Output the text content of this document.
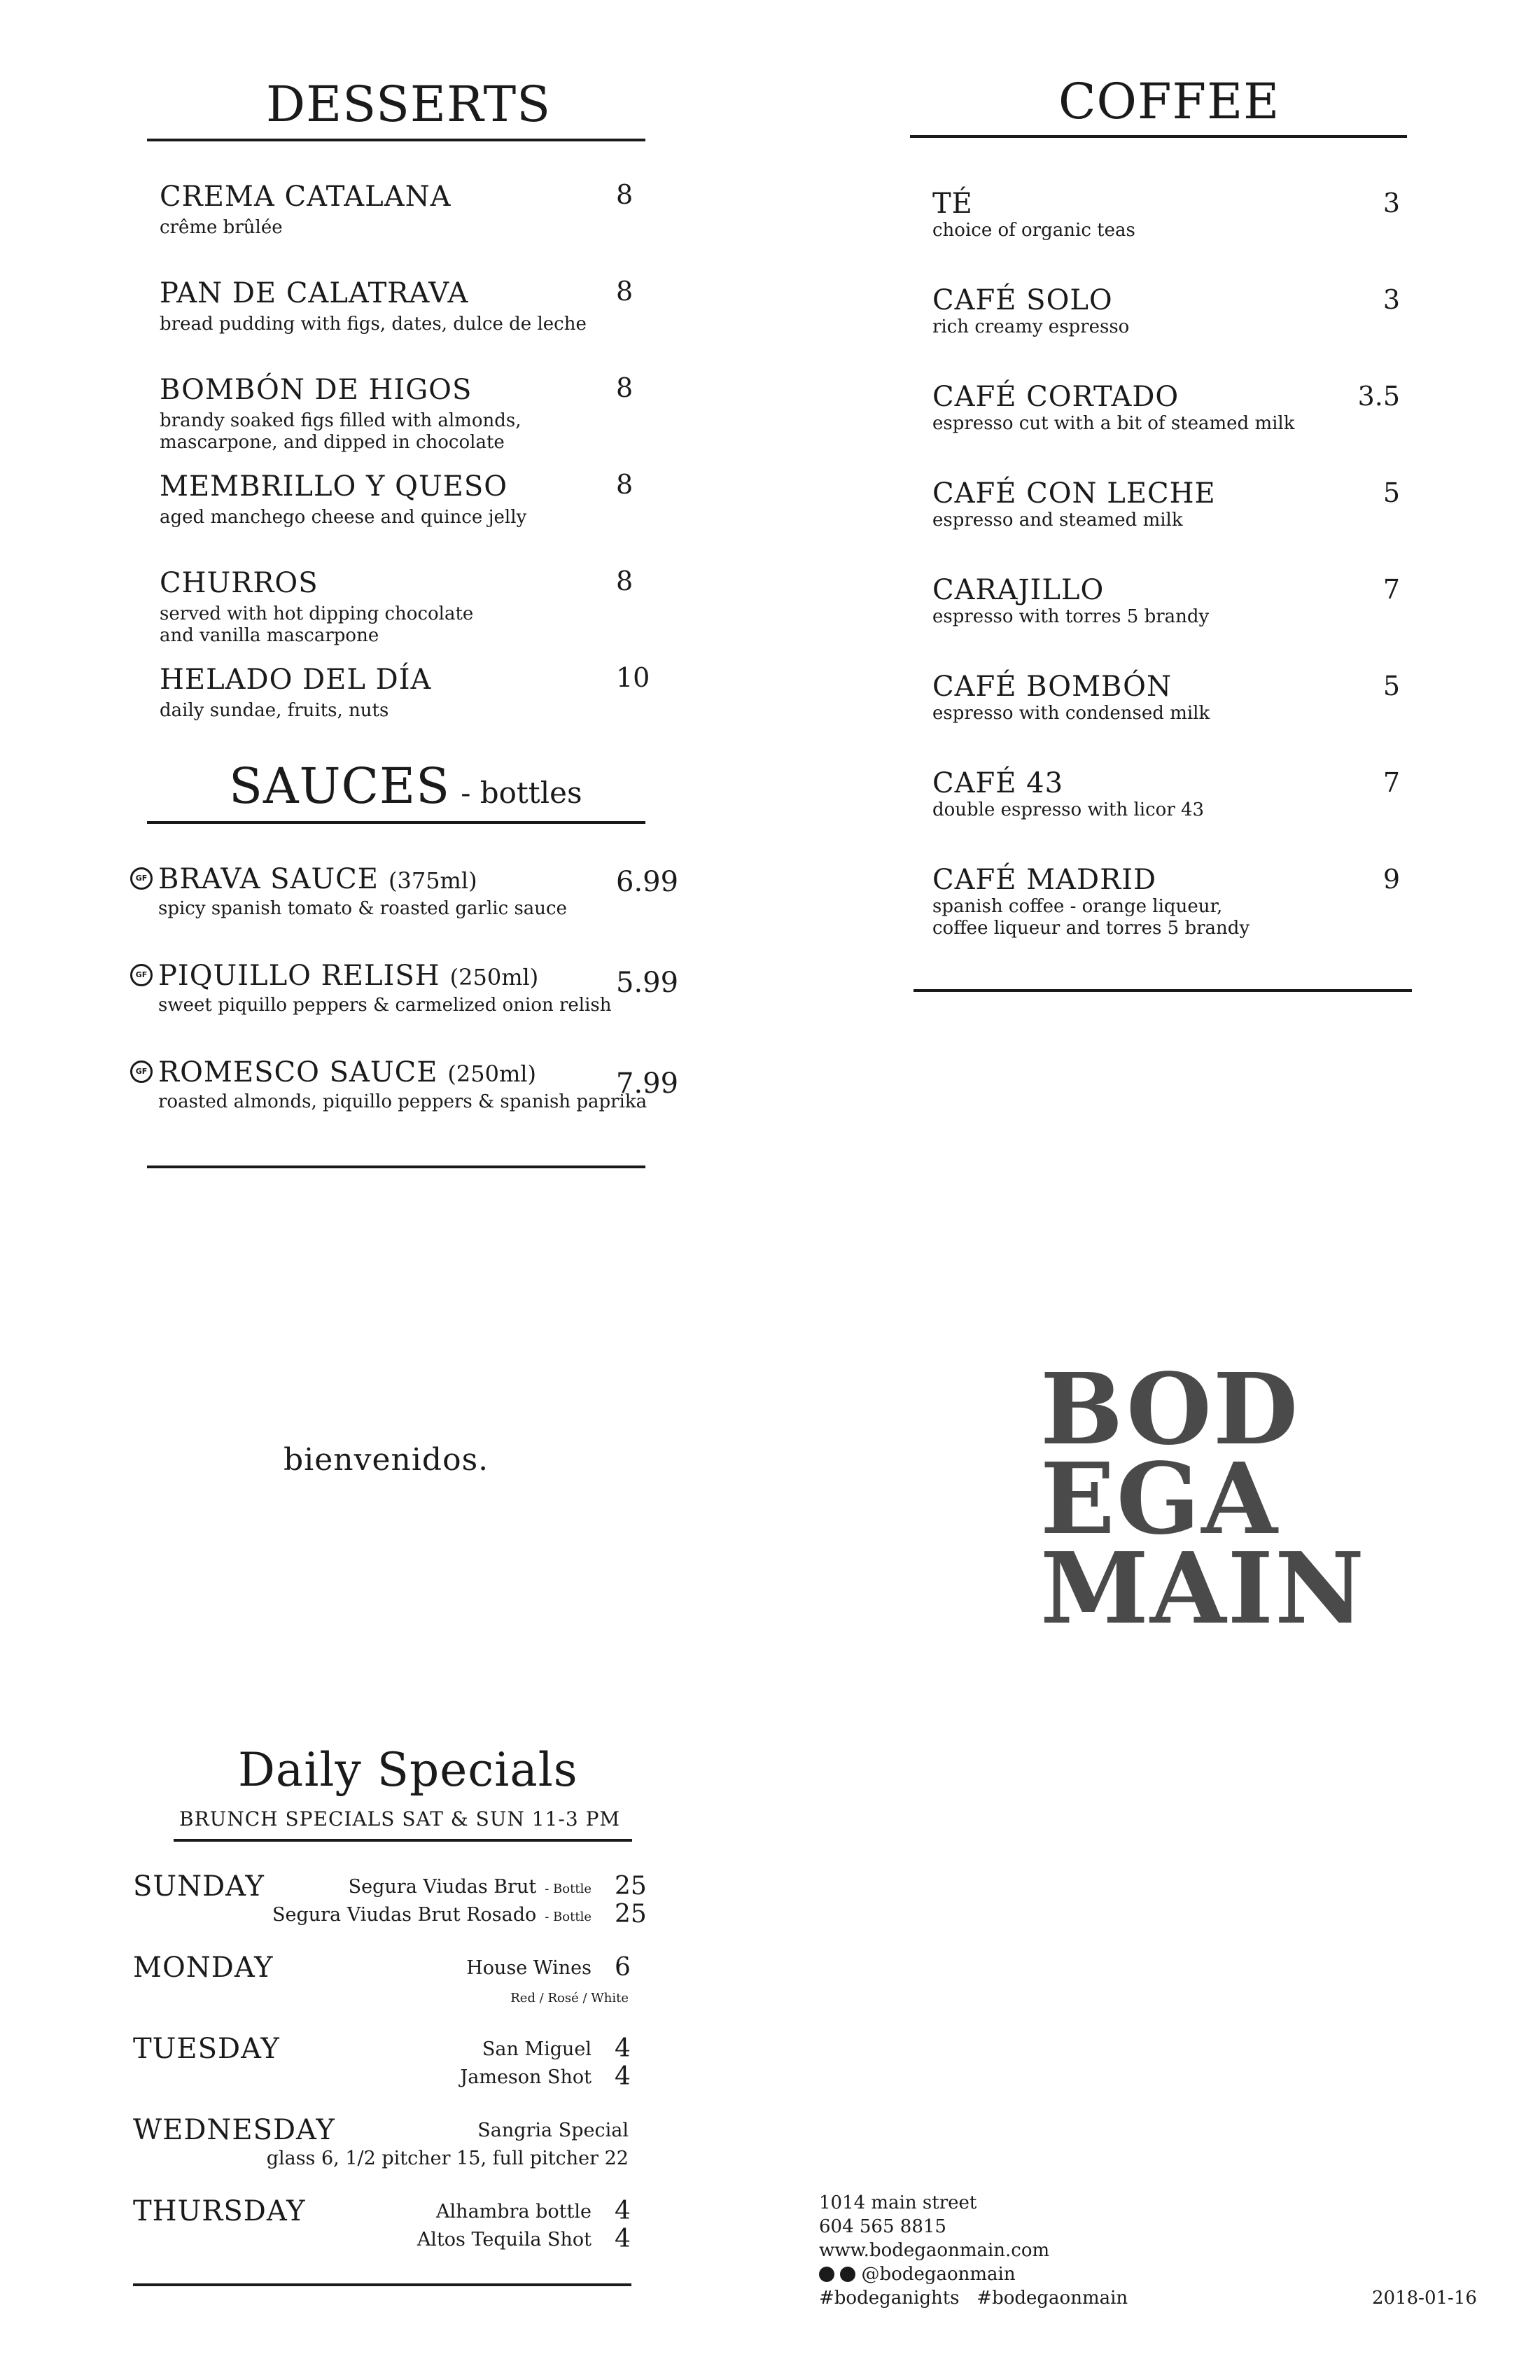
DESSERTS
CREMA CATALANA	8
crême brûlée
PAN DE CALATRAVA	8
bread pudding with figs, dates, dulce de leche
BOMBÓN DE HIGOS	8
brandy soaked figs filled with almonds,
mascarpone, and dipped in chocolate
MEMBRILLO Y QUESO	8
aged manchego cheese and quince jelly
CHURROS	8
served with hot dipping chocolate
and vanilla mascarpone
HELADO DEL DÍA	10
daily sundae, fruits, nuts
SAUCES - bottles
GF BRAVA SAUCE (375ml)	6.99
spicy spanish tomato & roasted garlic sauce
GF PIQUILLO RELISH (250ml)	5.99
sweet piquillo peppers & carmelized onion relish
GF ROMESCO SAUCE (250ml)	7.99
roasted almonds, piquillo peppers & spanish paprika
COFFEE
TÉ	3
choice of organic teas
CAFÉ SOLO	3
rich creamy espresso
CAFÉ CORTADO	3.5
espresso cut with a bit of steamed milk
CAFÉ CON LECHE	5
espresso and steamed milk
CARAJILLO	7
espresso with torres 5 brandy
CAFÉ BOMBÓN	5
espresso with condensed milk
CAFÉ 43	7
double espresso with licor 43
CAFÉ MADRID	9
spanish coffee - orange liqueur,
coffee liqueur and torres 5 brandy
bienvenidos.	BOD
EGA
MAIN
Daily Specials
BRUNCH SPECIALS SAT & SUN 11-3 PM
SUNDAY	Segura Viudas Brut - Bottle 25
Segura Viudas Brut Rosado - Bottle 25
MONDAY	House Wines 6
Red / Rosé / White
TUESDAY	San Miguel 4
Jameson Shot 4
WEDNESDAY	Sangria Special
glass 6, 1/2 pitcher 15, full pitcher 22
THURSDAY	Alhambra bottle 4
Altos Tequila Shot 4
1014 main street
604 565 8815
www.bodegaonmain.com
@bodegaonmain
#bodeganights   #bodegaonmain	2018-01-16
